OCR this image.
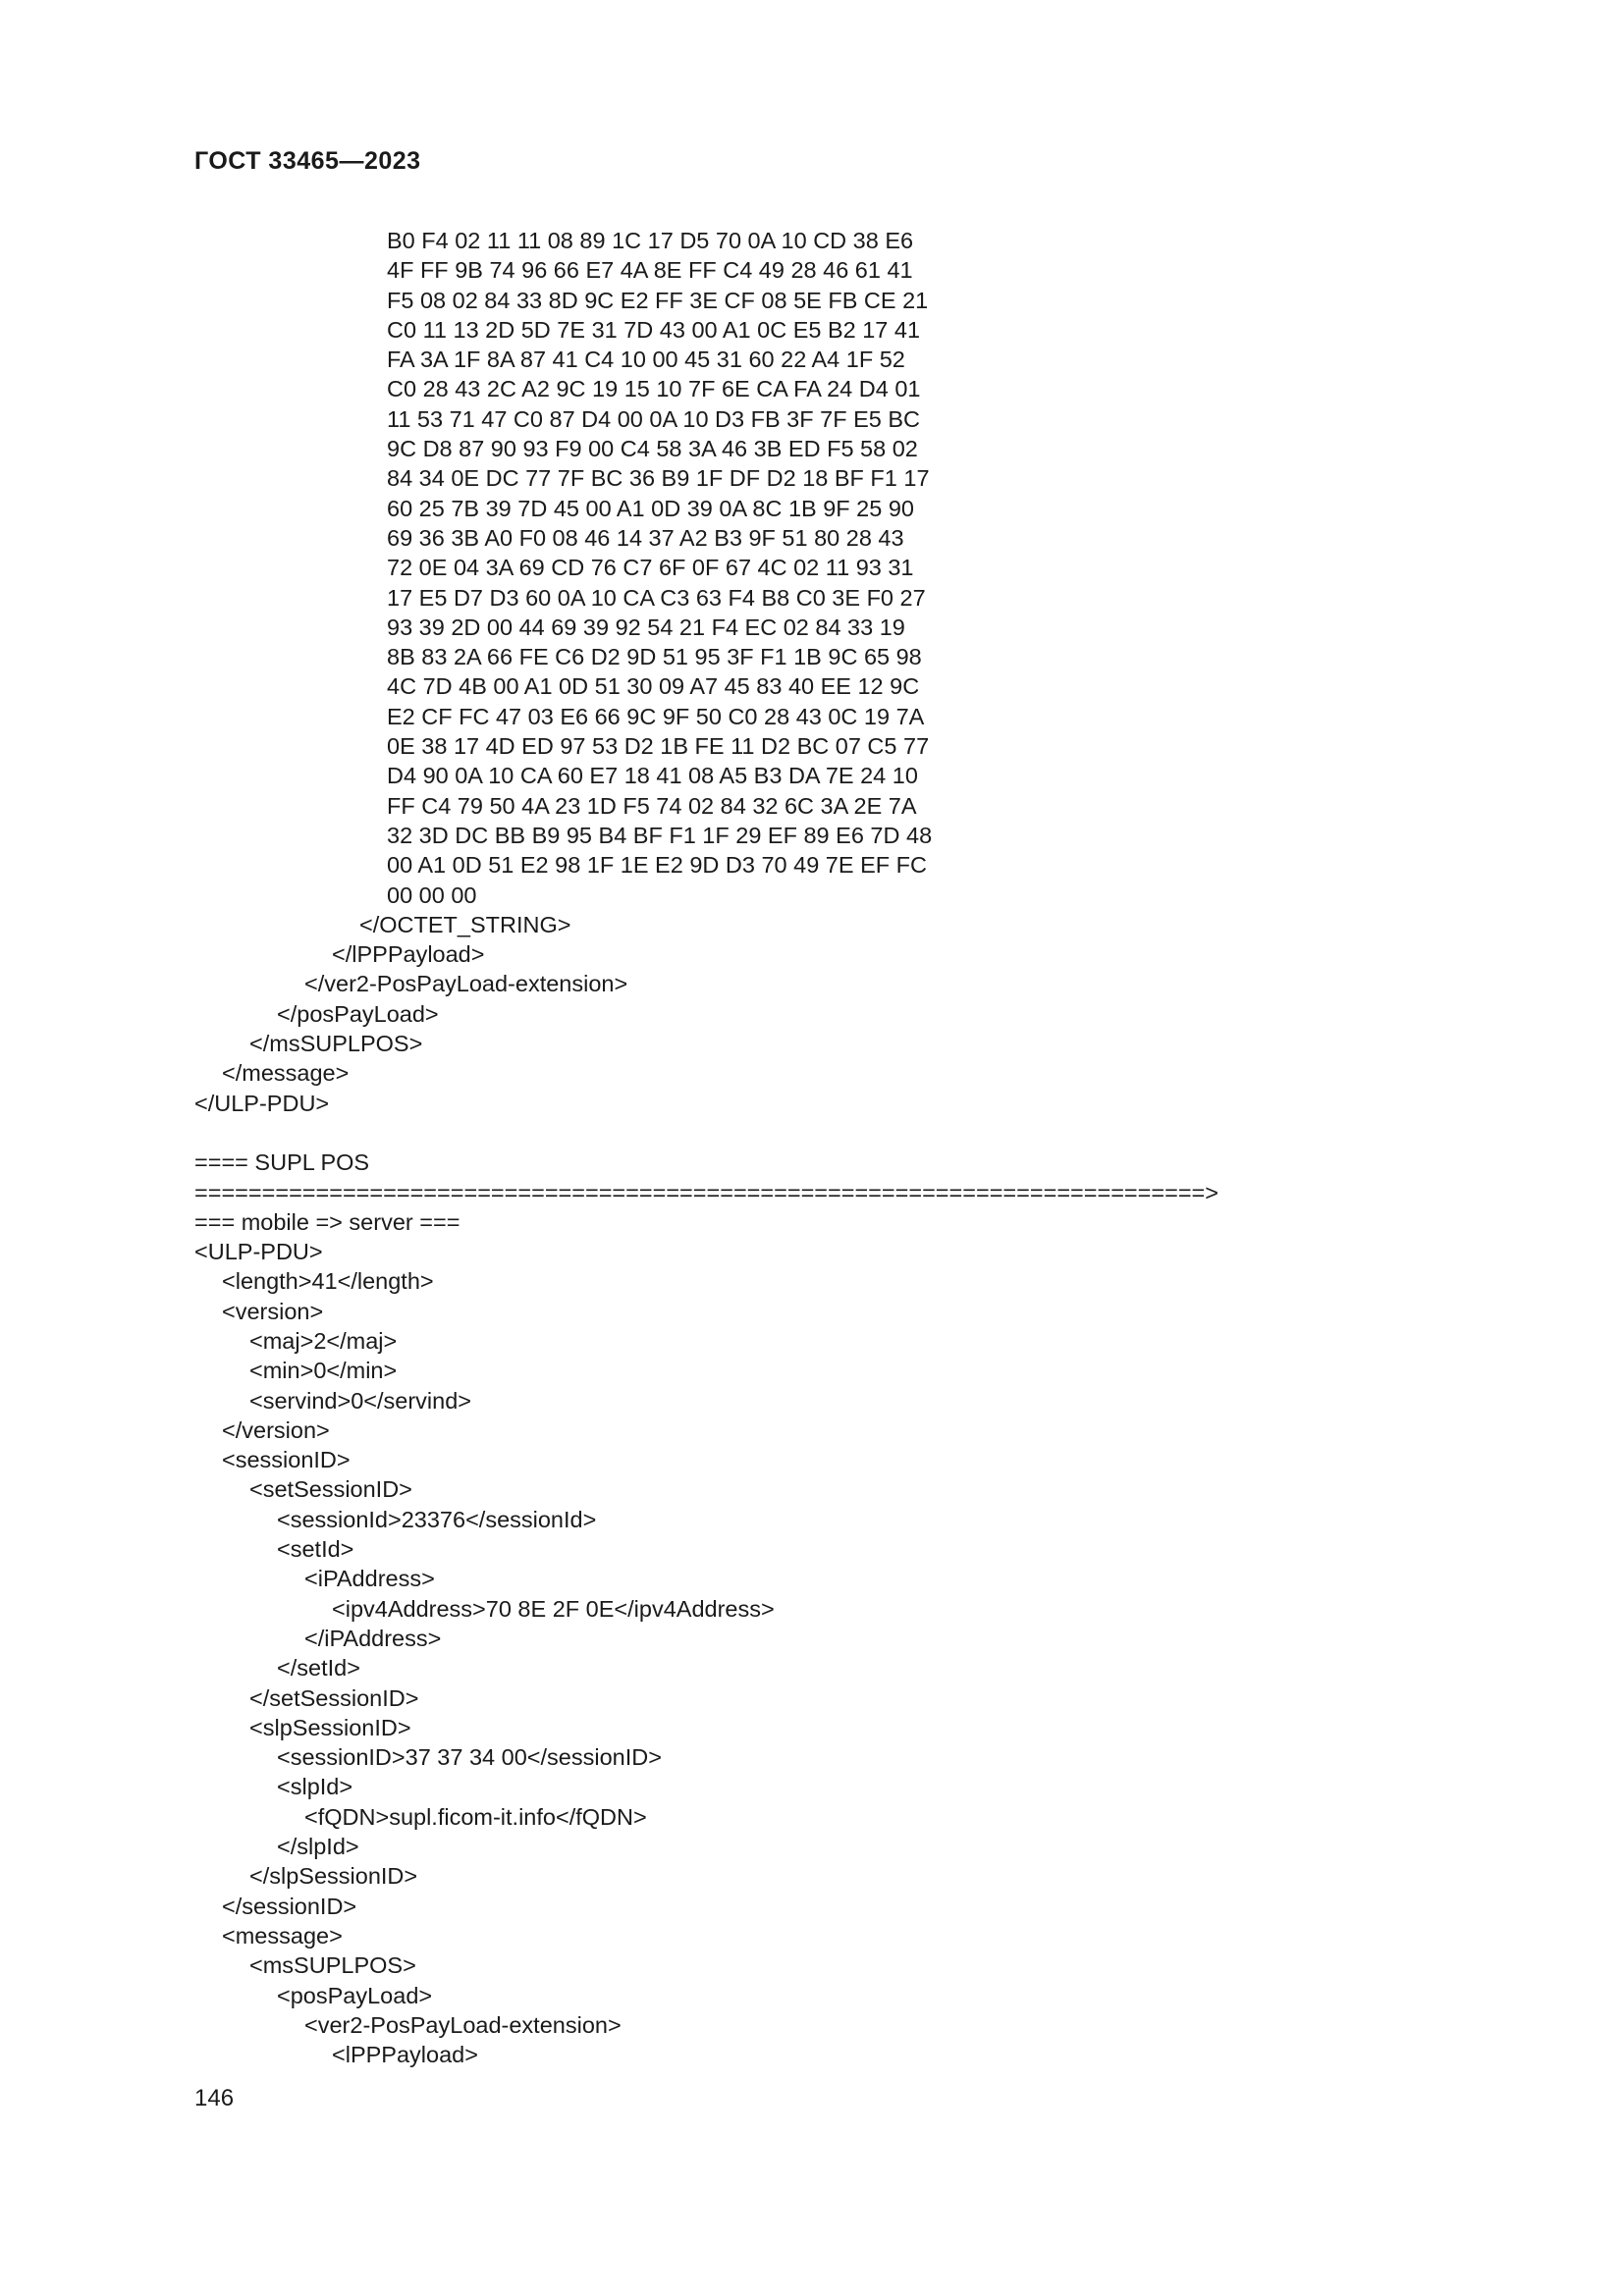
ГОСТ 33465—2023
B0 F4 02 11 11 08 89 1C 17 D5 70 0A 10 CD 38 E6
4F FF 9B 74 96 66 E7 4A 8E FF C4 49 28 46 61 41
F5 08 02 84 33 8D 9C E2 FF 3E CF 08 5E FB CE 21
C0 11 13 2D 5D 7E 31 7D 43 00 A1 0C E5 B2 17 41
FA 3A 1F 8A 87 41 C4 10 00 45 31 60 22 A4 1F 52
C0 28 43 2C A2 9C 19 15 10 7F 6E CA FA 24 D4 01
11 53 71 47 C0 87 D4 00 0A 10 D3 FB 3F 7F E5 BC
9C D8 87 90 93 F9 00 C4 58 3A 46 3B ED F5 58 02
84 34 0E DC 77 7F BC 36 B9 1F DF D2 18 BF F1 17
60 25 7B 39 7D 45 00 A1 0D 39 0A 8C 1B 9F 25 90
69 36 3B A0 F0 08 46 14 37 A2 B3 9F 51 80 28 43
72 0E 04 3A 69 CD 76 C7 6F 0F 67 4C 02 11 93 31
17 E5 D7 D3 60 0A 10 CA C3 63 F4 B8 C0 3E F0 27
93 39 2D 00 44 69 39 92 54 21 F4 EC 02 84 33 19
8B 83 2A 66 FE C6 D2 9D 51 95 3F F1 1B 9C 65 98
4C 7D 4B 00 A1 0D 51 30 09 A7 45 83 40 EE 12 9C
E2 CF FC 47 03 E6 66 9C 9F 50 C0 28 43 0C 19 7A
0E 38 17 4D ED 97 53 D2 1B FE 11 D2 BC 07 C5 77
D4 90 0A 10 CA 60 E7 18 41 08 A5 B3 DA 7E 24 10
FF C4 79 50 4A 23 1D F5 74 02 84 32 6C 3A 2E 7A
32 3D DC BB B9 95 B4 BF F1 1F 29 EF 89 E6 7D 48
00 A1 0D 51 E2 98 1F 1E E2 9D D3 70 49 7E EF FC
00 00 00
</OCTET_STRING>
</lPPPayload>
</ver2-PosPayLoad-extension>
</posPayLoad>
</msSUPLPOS>
</message>
</ULP-PDU>
==== SUPL POS
===========================================================================>
=== mobile => server ===
<ULP-PDU>
<length>41</length>
<version>
<maj>2</maj>
<min>0</min>
<servind>0</servind>
</version>
<sessionID>
<setSessionID>
<sessionId>23376</sessionId>
<setId>
<iPAddress>
<ipv4Address>70 8E 2F 0E</ipv4Address>
</iPAddress>
</setId>
</setSessionID>
<slpSessionID>
<sessionID>37 37 34 00</sessionID>
<slpId>
<fQDN>supl.ficom-it.info</fQDN>
</slpId>
</slpSessionID>
</sessionID>
<message>
<msSUPLPOS>
<posPayLoad>
<ver2-PosPayLoad-extension>
<lPPPayload>
146
